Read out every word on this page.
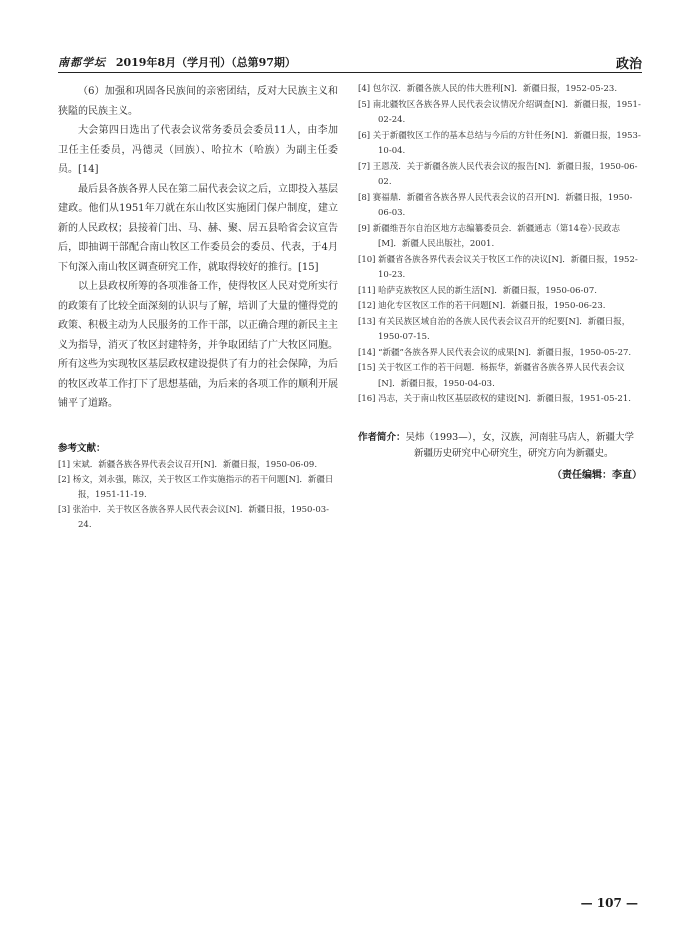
南都学坛 2019年8月（学月刊）（总第97期）	政治

（6）加强和巩固各民族间的亲密团结，反对大民族主义和狭隘的民族主义。

大会第四日选出了代表会议常务委员会委员11人，由李加卫任主任委员，冯德灵（回族）、哈拉木（哈族）为副主任委员。[14]

最后县各族各界人民在第二届代表会议之后，立即投入基层建政。他们从1951年刀就在东山牧区实施团门保户制度，建立新的人民政权；县接着门出、马、赫、聚、居五县哈省会议宣告后，即抽调干部配合南山牧区工作委员会的委员、代表，于4月下旬深入南山牧区调查研究工作，就取得较好的推行。[15]

以上县政权所筹的各项准备工作，使得牧区人民对党所实行的政策有了比较全面深刻的认识与了解，培训了大量的懂得党的政策、积极主动为人民服务的工作干部，以正确合理的新民主主义为指导，消灭了牧区封建特务，并争取团结了广大牧区同胞。所有这些为实现牧区基层政权建设提供了有力的社会保障，为后的牧区改革工作打下了思想基础，为后来的各项工作的顺利开展铺平了道路。

参考文献：

[1] 宋斌．新疆各族各界代表会议召开[N]．新疆日报，1950-06-09.

[2] 杨文，刘永强，陈汉，关于牧区工作实施指示的若干问题[N]．新疆日报，1951-11-19.

[3] 张治中．关于牧区各族各界人民代表会议[N]．新疆日报，1950-03-24.

[4] 包尔汉．新疆各族人民的伟大胜利[N]．新疆日报，1952-05-23.

[5] 南北疆牧区各族各界人民代表会议情况介绍调查[N]．新疆日报，1951-02-24.

[6] 关于新疆牧区工作的基本总结与今后的方针任务[N]．新疆日报，1953-10-04.

[7] 王恩茂．关于新疆各族人民代表会议的报告[N]．新疆日报，1950-06-02.

[8] 赛福鼎．新疆省各族各界人民代表会议的召开[N]．新疆日报，1950-06-03.

[9] 新疆维吾尔自治区地方志编纂委员会．新疆通志（第14卷）·民政志[M]．新疆人民出版社，2001.

[10] 新疆省各族各界代表会议关于牧区工作的决议[N]．新疆日报，1952-10-23.

[11] 哈萨克族牧区人民的新生活[N]．新疆日报，1950-06-07.

[12] 迪化专区牧区工作的若干问题[N]．新疆日报，1950-06-23.

[13] 有关民族区域自治的各族人民代表会议召开的纪要[N]．新疆日报，1950-07-15.

[14] “新疆”各族各界人民代表会议的成果[N]．新疆日报，1950-05-27.

[15] 关于牧区工作的若干问题．杨振华，新疆省各族各界人民代表会议[N]．新疆日报，1950-04-03.

[16] 冯志，关于南山牧区基层政权的建设[N]．新疆日报，1951-05-21.

作者简介：吴炜（1993—），女，汉族，河南驻马店人，新疆大学新疆历史研究中心研究生，研究方向为新疆史。
（责任编辑：李直）
— 107 —
